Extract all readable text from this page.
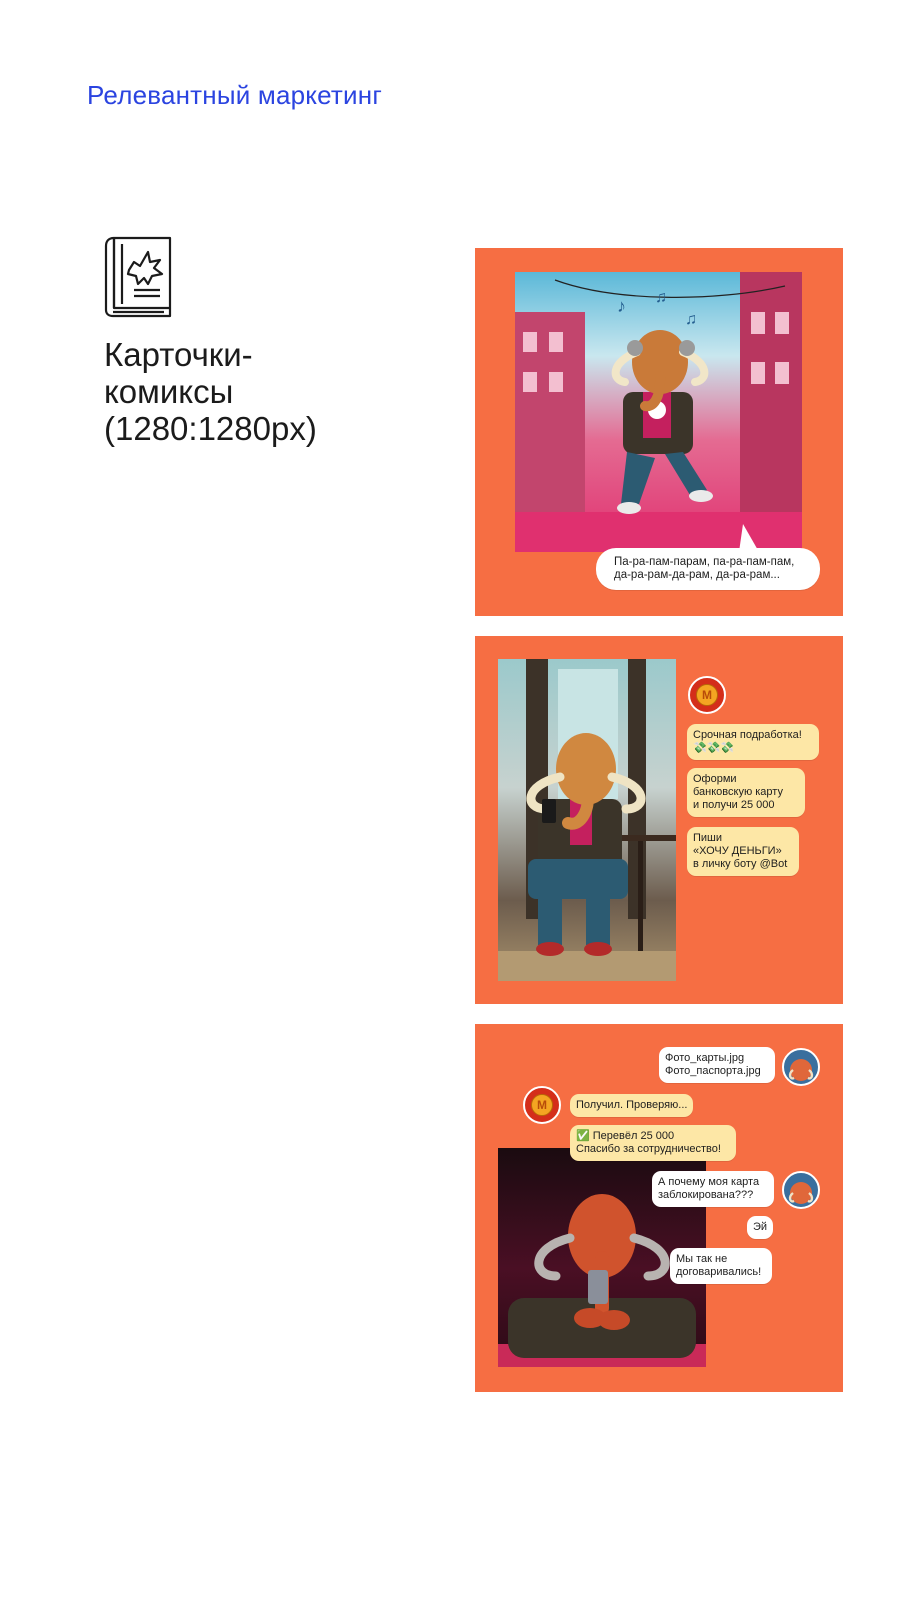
Релевантный маркетинг
Карточки-
комиксы
(1280:1280px)
♪ ♫
♫
Па-ра-пам-парам, па-ра-пам-пам,
да-ра-рам-да-рам, да-ра-рам...
М
Срочная подработка!
💸💸💸
Оформи
банковскую карту
и получи 25 000
Пиши
«ХОЧУ ДЕНЬГИ»
в личку боту @Bot
Фото_карты.jpg
Фото_паспорта.jpg
М	Получил. Проверяю...
✅ Перевёл 25 000
Спасибо за сотрудничество!
А почему моя карта
заблокирована???
Эй
Мы так не
договаривались!
